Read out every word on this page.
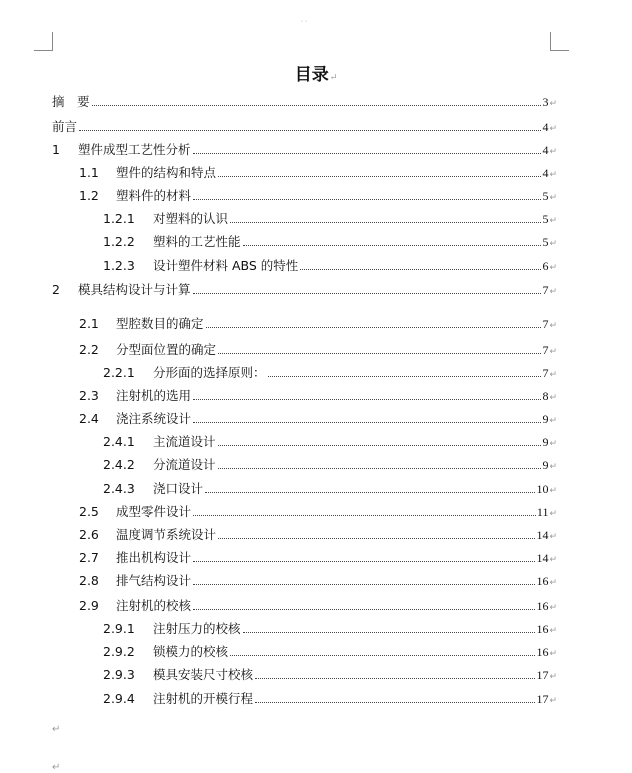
˙˙
目录↵
摘　要	3 ↵
前言	4 ↵
1	塑件成型工艺性分析	4 ↵
1.1	塑件的结构和特点	4 ↵
1.2	塑料件的材料	5 ↵
1.2.1	对塑料的认识	5 ↵
1.2.2	塑料的工艺性能	5 ↵
1.2.3	设计塑件材料 ABS 的特性	6 ↵
2	模具结构设计与计算	7 ↵
2.1	型腔数目的确定	7 ↵
2.2	分型面位置的确定	7 ↵
2.2.1	分形面的选择原则：	7 ↵
2.3	注射机的选用	8 ↵
2.4	浇注系统设计	9 ↵
2.4.1	主流道设计	9 ↵
2.4.2	分流道设计	9 ↵
2.4.3	浇口设计	10 ↵
2.5	成型零件设计	11 ↵
2.6	温度调节系统设计	14 ↵
2.7	推出机构设计	14 ↵
2.8	排气结构设计	16 ↵
2.9	注射机的校核	16 ↵
2.9.1	注射压力的校核	16 ↵
2.9.2	锁模力的校核	16 ↵
2.9.3	模具安装尺寸校核	17 ↵
2.9.4	注射机的开模行程	17 ↵
↵
↵
